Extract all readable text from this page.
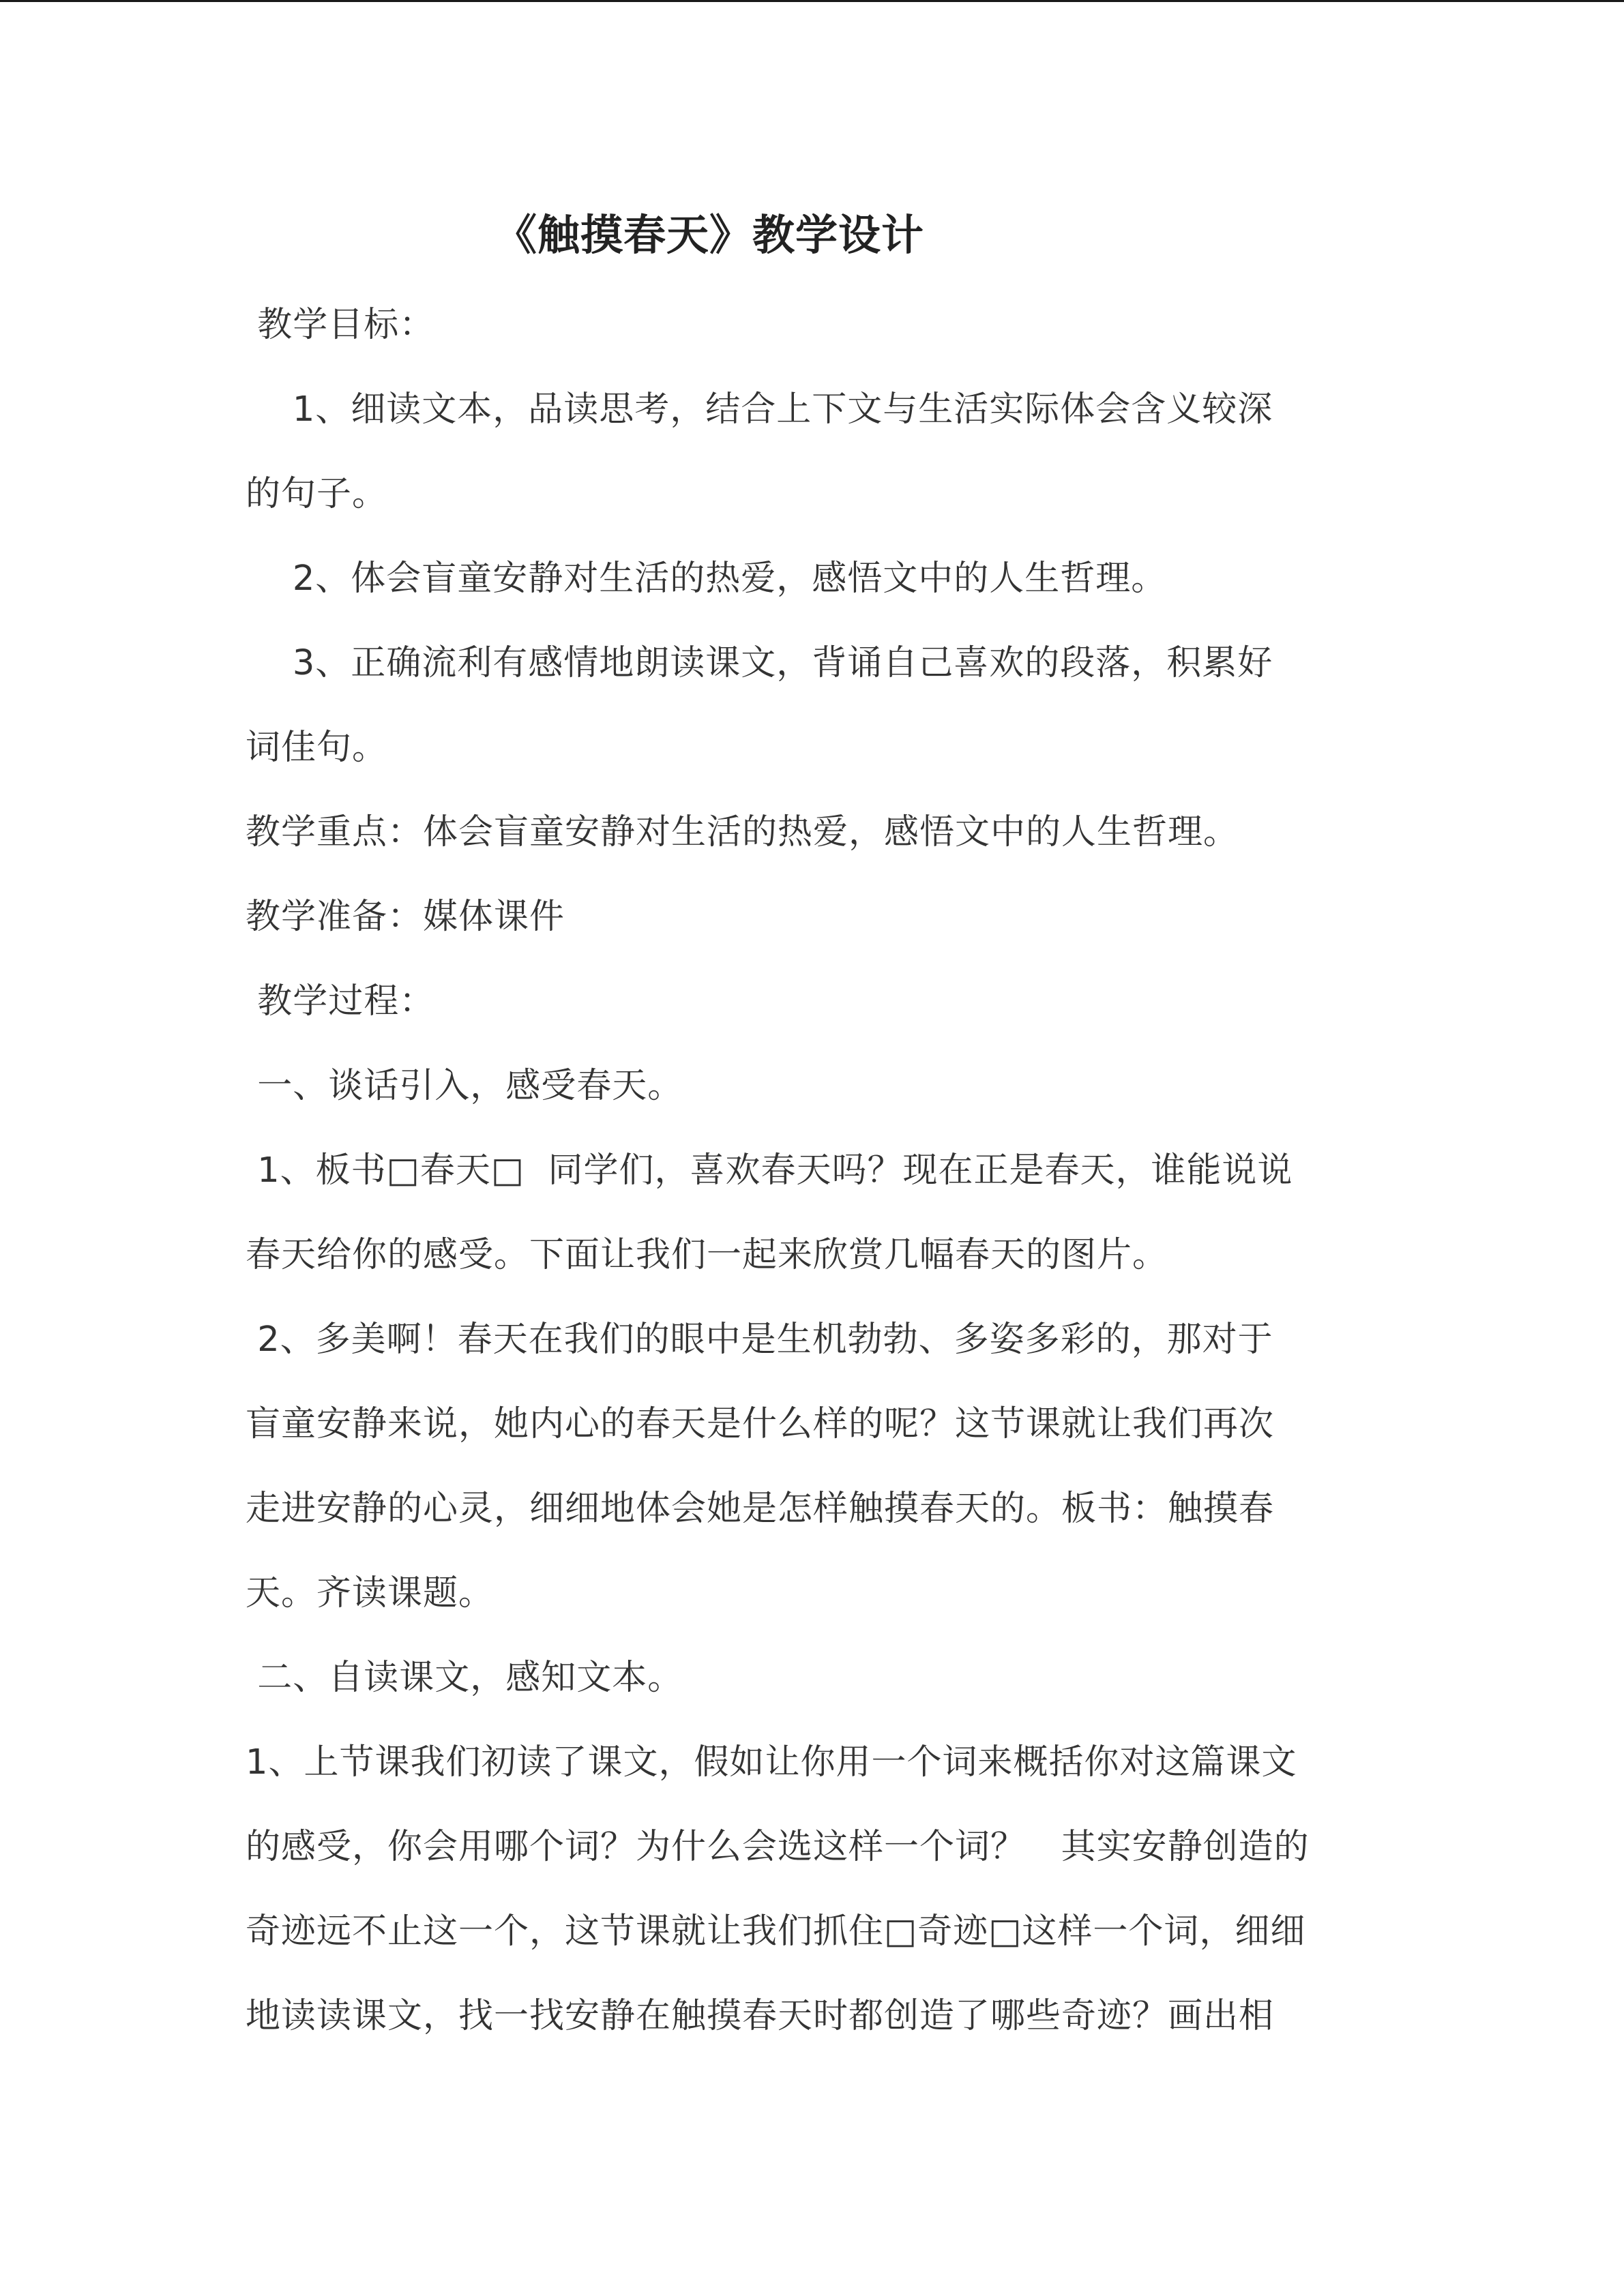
《触摸春天》教学设计
教学目标：
1、细读文本，品读思考，结合上下文与生活实际体会含义较深
的句子。
2、体会盲童安静对生活的热爱，感悟文中的人生哲理。
3、正确流利有感情地朗读课文，背诵自己喜欢的段落，积累好
词佳句。
教学重点：体会盲童安静对生活的热爱，感悟文中的人生哲理。
教学准备：媒体课件
教学过程：
一、谈话引入，感受春天。
1、板书□春天□  同学们，喜欢春天吗？现在正是春天，谁能说说
春天给你的感受。下面让我们一起来欣赏几幅春天的图片。
2、多美啊！春天在我们的眼中是生机勃勃、多姿多彩的，那对于
盲童安静来说，她内心的春天是什么样的呢？这节课就让我们再次
走进安静的心灵，细细地体会她是怎样触摸春天的。板书：触摸春
天。齐读课题。
二、自读课文，感知文本。
1、上节课我们初读了课文，假如让你用一个词来概括你对这篇课文
的感受，你会用哪个词？为什么会选这样一个词？   其实安静创造的
奇迹远不止这一个，这节课就让我们抓住□奇迹□这样一个词，细细
地读读课文，找一找安静在触摸春天时都创造了哪些奇迹？画出相
